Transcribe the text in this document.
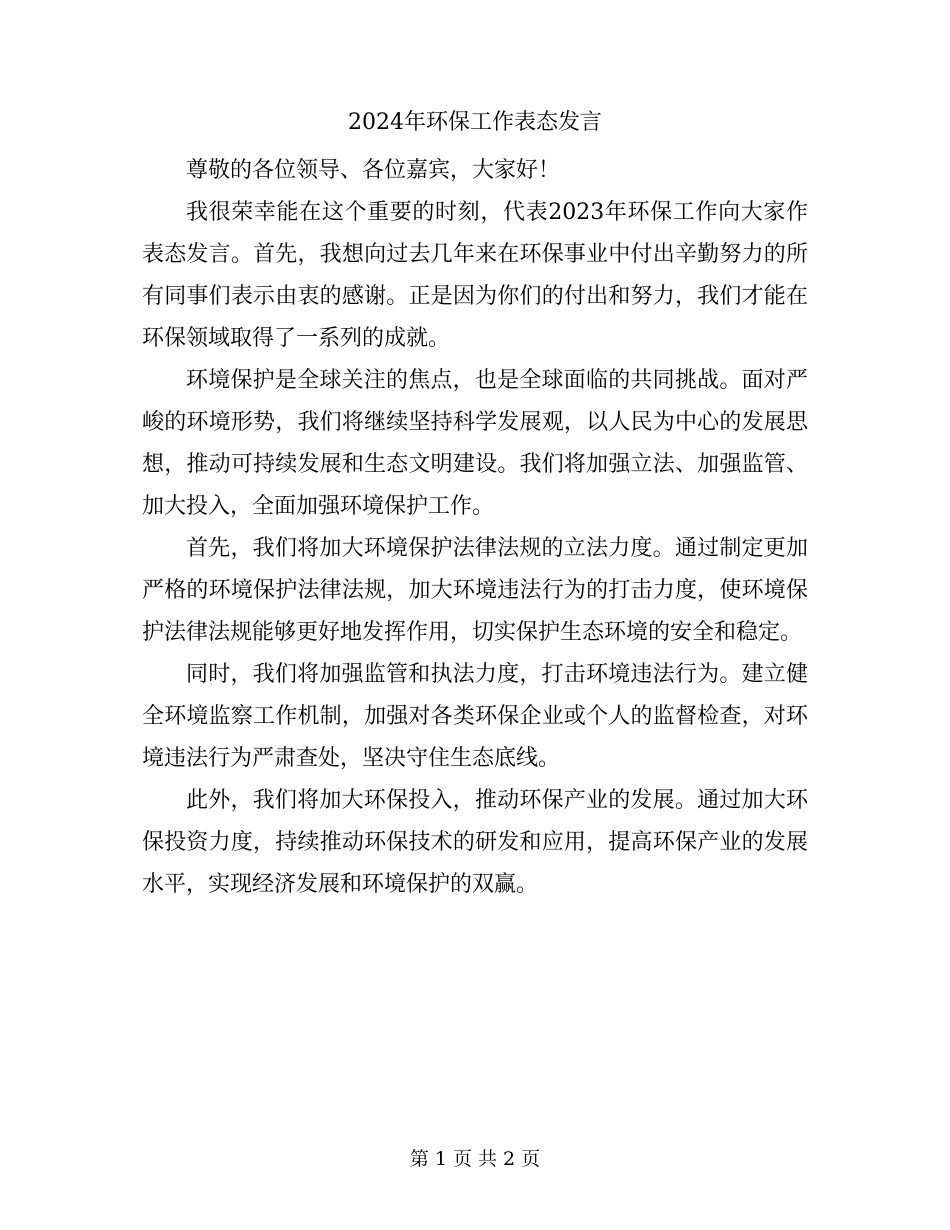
2024年环保工作表态发言

尊敬的各位领导、各位嘉宾，大家好！

我很荣幸能在这个重要的时刻，代表2023年环保工作向大家作表态发言。首先，我想向过去几年来在环保事业中付出辛勤努力的所有同事们表示由衷的感谢。正是因为你们的付出和努力，我们才能在环保领域取得了一系列的成就。

环境保护是全球关注的焦点，也是全球面临的共同挑战。面对严峻的环境形势，我们将继续坚持科学发展观，以人民为中心的发展思想，推动可持续发展和生态文明建设。我们将加强立法、加强监管、加大投入，全面加强环境保护工作。

首先，我们将加大环境保护法律法规的立法力度。通过制定更加严格的环境保护法律法规，加大环境违法行为的打击力度，使环境保护法律法规能够更好地发挥作用，切实保护生态环境的安全和稳定。

同时，我们将加强监管和执法力度，打击环境违法行为。建立健全环境监察工作机制，加强对各类环保企业或个人的监督检查，对环境违法行为严肃查处，坚决守住生态底线。

此外，我们将加大环保投入，推动环保产业的发展。通过加大环保投资力度，持续推动环保技术的研发和应用，提高环保产业的发展水平，实现经济发展和环境保护的双赢。

第 1 页 共 2 页
